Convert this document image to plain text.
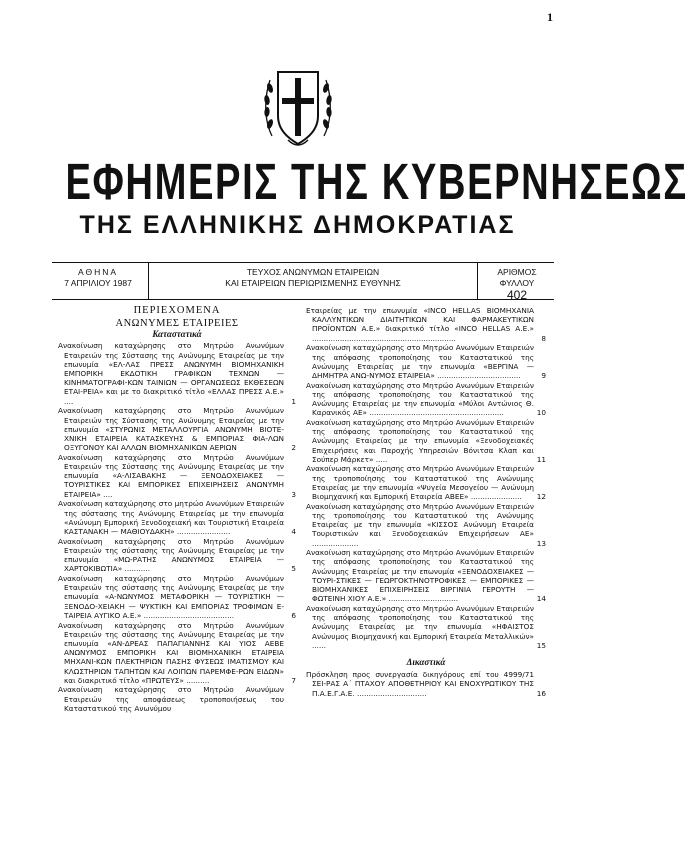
1
ΕΦΗΜΕΡΙΣ ΤΗΣ ΚΥΒΕΡΝΗΣΕΩΣ
ΤΗΣ ΕΛΛΗΝΙΚΗΣ ΔΗΜΟΚΡΑΤΙΑΣ
ΑΘΗΝΑ
7 ΑΠΡΙΛΙΟΥ 1987
ΤΕΥΧΟΣ ΑΝΩΝΥΜΩΝ ΕΤΑΙΡΕΙΩΝ
ΚΑΙ ΕΤΑΙΡΕΙΩΝ ΠΕΡΙΩΡΙΣΜΕΝΗΣ ΕΥΘΥΝΗΣ
ΑΡΙΘΜΟΣ ΦΥΛΛΟΥ
402
ΠΕΡΙΕΧΟΜΕΝΑ
ΑΝΩΝΥΜΕΣ ΕΤΑΙΡΕΙΕΣ
Καταστατικά
Ανακοίνωση καταχώρησης στο Μητρώο Ανωνύμων Εταιρειών της Σύστασης της Ανώνυμης Εταιρείας με την επωνυμία «ΕΛ-ΛΑΣ ΠΡΕΣΣ ΑΝΩΝΥΜΗ ΒΙΟΜΗΧΑΝΙΚΗ ΕΜΠΟΡΙΚΗ ΕΚΔΟΤΙΚΗ ΓΡΑΦΙΚΩΝ ΤΕΧΝΩΝ — ΚΙΝΗΜΑΤΟΓΡΑΦΙ-ΚΩΝ ΤΑΙΝΙΩΝ — ΟΡΓΑΝΩΣΕΩΣ ΕΚΘΕΣΕΩΝ ΕΤΑΙ-ΡΕΙΑ» και με το διακριτικό τίτλο «ΕΛΛΑΣ ΠΡΕΣΣ Α.Ε.» ....	1
Ανακοίνωση καταχώρησης στο Μητρώο Ανωνύμων Εταιρειών της Σύστασης της Ανώνυμης Εταιρείας με την επωνυμία «ΣΤΥΡΩΝΙΣ ΜΕΤΑΛΛΟΥΡΓΙΑ ΑΝΩΝΥΜΗ ΒΙΟΤΕ-ΧΝΙΚΗ ΕΤΑΙΡΕΙΑ ΚΑΤΑΣΚΕΥΗΣ & ΕΜΠΟΡΙΑΣ ΦΙΑ-ΛΩΝ ΟΞΥΓΟΝΟΥ ΚΑΙ ΑΛΛΩΝ ΒΙΟΜΗΧΑΝΙΚΩΝ ΑΕΡΙΩΝ	2
Ανακοίνωση καταχώρησης στο Μητρώο Ανωνύμων Εταιρειών της Σύστασης της Ανώνυμης Εταιρείας με την επωνυμία «Α-ΛΙΣΑΒΑΚΗΣ — ΞΕΝΟΔΟΧΕΙΑΚΕΣ — ΤΟΥΡΙΣΤΙΚΕΣ ΚΑΙ ΕΜΠΟΡΙΚΕΣ ΕΠΙΧΕΙΡΗΣΕΙΣ ΑΝΩΝΥΜΗ ΕΤΑΙΡΕΙΑ» ....	3
Ανακοίνωση καταχώρησης στο μητρώο Ανωνύμων Εταιρειών της σύστασης της Ανώνυμης Εταιρείας με την επωνυμία «Ανώνυμη Εμπορική Ξενοδοχειακή και Τουριστική Εταιρεία ΚΑΣΤΑΝΑΚΗ — ΜΑΘΙΟΥΔΑΚΗ» .......................	4
Ανακοίνωση καταχώρησης στο Μητρώο Ανωνύμων Εταιρειών της σύστασης της Ανώνυμης Εταιρείας με την επωνυμία «ΜΩ-ΡΑΤΗΣ ΑΝΩΝΥΜΟΣ ΕΤΑΙΡΕΙΑ — ΧΑΡΤΟΚΙΒΩΤΙΑ» ...........	5
Ανακοίνωση καταχώρησης στο Μητρώο Ανωνύμων Εταιρειών της σύστασης της Ανώνυμης Εταιρείας με την επωνυμία «Α-ΝΩΝΥΜΟΣ ΜΕΤΑΦΟΡΙΚΗ — ΤΟΥΡΙΣΤΙΚΗ — ΞΕΝΟΔΟ-ΧΕΙΑΚΗ — ΨΥΚΤΙΚΗ ΚΑΙ ΕΜΠΟΡΙΑΣ ΤΡΟΦΙΜΩΝ Ε-ΤΑΙΡΕΙΑ ΑΥΓΙΚΟ Α.Ε.» .......................................	6
Ανακοίνωση καταχώρησης στο Μητρώο Ανωνύμων Εταιρειών της σύστασης της Ανώνυμης Εταιρείας με την επωνυμία «ΑΝ-ΔΡΕΑΣ ΠΑΠΑΓΙΑΝΝΗΣ ΚΑΙ ΥΙΟΣ ΑΕΒΕ ΑΝΩΝΥΜΟΣ ΕΜΠΟΡΙΚΗ ΚΑΙ ΒΙΟΜΗΧΑΝΙΚΗ ΕΤΑΙΡΕΙΑ ΜΗΧΑΝΙ-ΚΩΝ ΠΛΕΚΤΗΡΙΩΝ ΠΑΣΗΣ ΦΥΣΕΩΣ ΙΜΑΤΙΣΜΟΥ ΚΑΙ ΚΛΩΣΤΗΡΙΩΝ ΤΑΠΗΤΩΝ ΚΑΙ ΛΟΙΠΩΝ ΠΑΡΕΜΦΕ-ΡΩΝ ΕΙΔΩΝ» και διακριτικό τίτλο «ΠΡΩΤΕΥΣ» ..........	7
Ανακοίνωση καταχώρησης στο Μητρώο Ανωνύμων Εταιρειών της αποφάσεως τροποποιήσεως του Καταστατικού της Ανωνύμου
Εταιρείας με την επωνυμία «INCO HELLAS ΒΙΟΜΗΧΑΝΙΑ ΚΑΛΛΥΝΤΙΚΩΝ ΔΙΑΙΤΗΤΙΚΩΝ ΚΑΙ ΦΑΡΜΑΚΕΥΤΙΚΩΝ ΠΡΟΪΟΝΤΩΝ Α.Ε.» διακριτικό τίτλο «INCO HELLAS Α.Ε.» ..............................................................	8
Ανακοίνωση καταχώρησης στο Μητρώο Ανωνύμων Εταιρειών της απόφασης τροποποίησης του Καταστατικού της Ανώνυμης Εταιρείας με την επωνυμία «ΒΕΡΓΙΝΑ — ΔΗΜΗΤΡΑ ΑΝΩ-ΝΥΜΟΣ ΕΤΑΙΡΕΙΑ» ....................................	9
Ανακοίνωση καταχώρησης στο Μητρώο Ανωνύμων Εταιρειών της απόφασης τροποποίησης του Καταστατικού της Ανώνυμης Εταιρείας με την επωνυμία «Μύλοι Αντώνιος Θ. Καρανικός ΑΕ» ..........................................................	10
Ανακοίνωση καταχώρησης στο Μητρώο Ανωνύμων Εταιρειών της απόφασης τροποποίησης του Καταστατικού της Ανώνυμης Εταιρείας με την επωνυμία «Ξενοδοχειακές Επιχειρήσεις και Παροχής Υπηρεσιών Βόνιτσα Κλαπ και Σούπερ Μάρκετ» .....	11
Ανακοίνωση καταχώρησης στο Μητρώο Ανωνύμων Εταιρειών της τροποποίησης του Καταστατικού της Ανώνυμης Εταιρείας με την επωνυμία «Ψυγεία Μεσογείου — Ανώνυμη Βιομηχανική και Εμπορική Εταιρεία ΑΒΕΕ» ...................... 12
Ανακοίνωση καταχώρησης στο Μητρώο Ανωνύμων Εταιρειών της τροποποίησης του Καταστατικού της Ανώνυμης Εταιρείας με την επωνυμία «ΚΙΣΣΟΣ Ανώνυμη Εταιρεία Τουριστικών και Ξενοδοχειακών Επιχειρήσεων ΑΕ» ....................	13
Ανακοίνωση καταχώρησης στο Μητρώο Ανωνύμων Εταιρειών της απόφασης τροποποίησης του Καταστατικού της Ανώνυμης Εταιρείας με την επωνυμία «ΞΕΝΟΔΟΧΕΙΑΚΕΣ — ΤΟΥΡΙ-ΣΤΙΚΕΣ — ΓΕΩΡΓΟΚΤΗΝΟΤΡΟΦΙΚΕΣ — ΕΜΠΟΡΙΚΕΣ — ΒΙΟΜΗΧΑΝΙΚΕΣ ΕΠΙΧΕΙΡΗΣΕΙΣ ΒΙΡΓΙΝΙΑ ΓΕΡΟΥΤΗ — ΦΩΤΕΙΝΗ ΧΙΟΥ Α.Ε.» ..............................	14
Ανακοίνωση καταχώρησης στο Μητρώο Ανωνύμων Εταιρειών της απόφασης τροποποίησης του Καταστατικού της Ανώνυμης Εταιρείας με την επωνυμία «ΗΦΑΙΣΤΟΣ Ανώνυμος Βιομηχανική και Εμπορική Εταιρεία Μεταλλικών» ......	15
Δικαστικά
Πρόσκληση προς συνεργασία δικηγόρους επί του 4999/71 ΣΕΙ-ΡΑΣ Α΄ ΠΤΑΧΟΥ ΑΠΟΘΕΤΗΡΙΟΥ ΚΑΙ ΕΝΟΧΥΡΩΤΙΚΟΥ ΤΗΣ Π.Α.Ε.Γ.Α.Ε. ..............................	16
